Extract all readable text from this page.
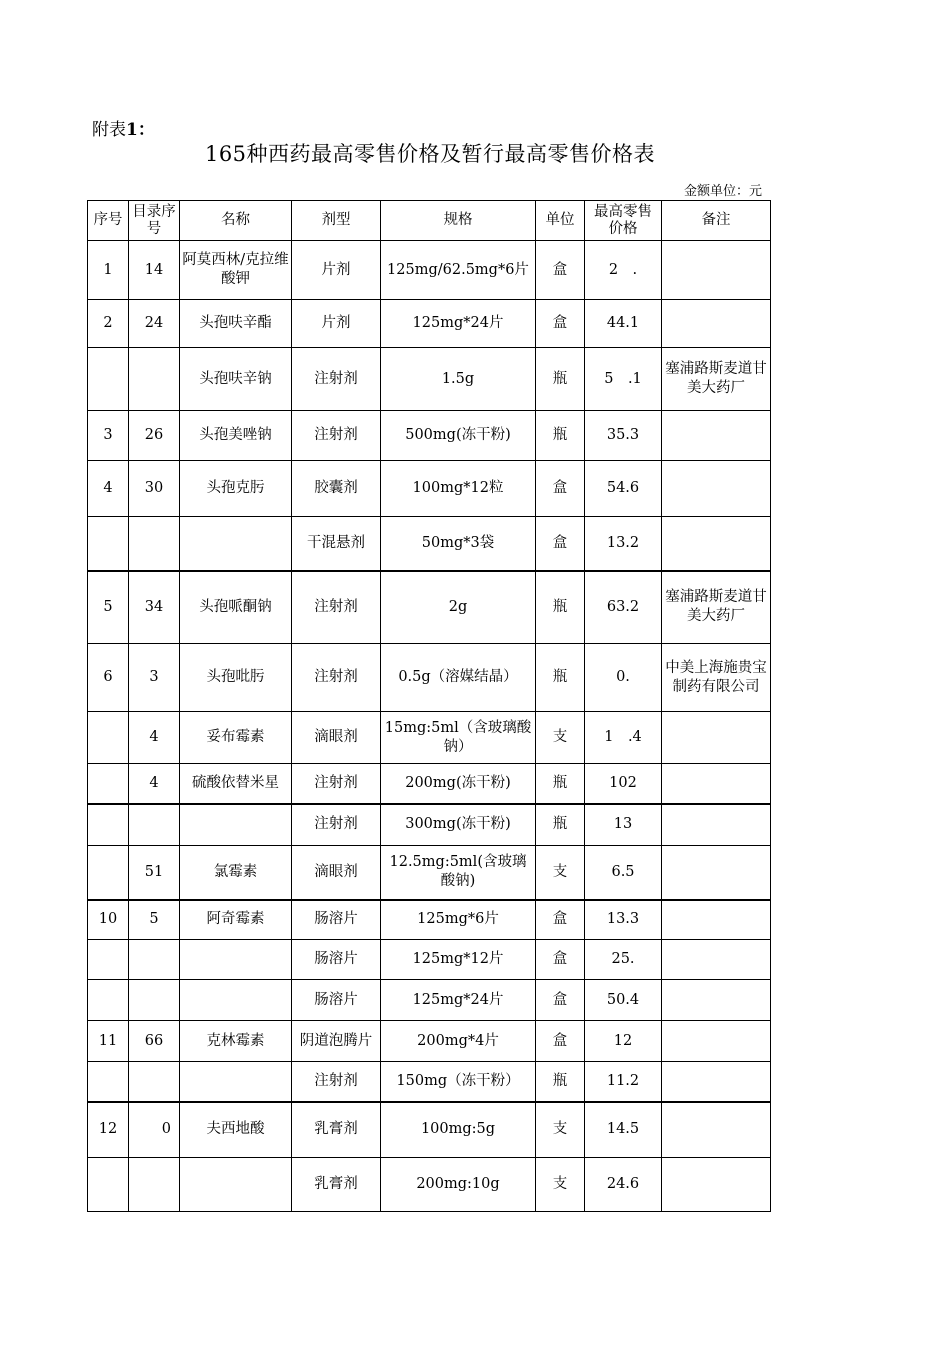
附表1：
165种西药最高零售价格及暂行最高零售价格表
金额单位：元
序号	目录序号	名称	剂型	规格	单位	最高零售价格	备注
1	14	阿莫西林/克拉维酸钾	片剂	125mg/62.5mg*6片	盒	2　.	
2	24	头孢呋辛酯	片剂	125mg*24片	盒	44.1	
		头孢呋辛钠	注射剂	1.5g	瓶	5　.1	塞浦路斯麦道甘美大药厂
3	26	头孢美唑钠	注射剂	500mg(冻干粉)	瓶	35.3	
4	30	头孢克肟	胶囊剂	100mg*12粒	盒	54.6	
			干混悬剂	50mg*3袋	盒	13.2	
5	34	头孢哌酮钠	注射剂	2g	瓶	63.2	塞浦路斯麦道甘美大药厂
6	3	头孢吡肟	注射剂	0.5g（溶媒结晶）	瓶	0.	中美上海施贵宝制药有限公司
	4	妥布霉素	滴眼剂	15mg:5ml（含玻璃酸钠）	支	1　.4	
	4	硫酸依替米星	注射剂	200mg(冻干粉)	瓶	102	
			注射剂	300mg(冻干粉)	瓶	13	
	51	氯霉素	滴眼剂	12.5mg:5ml(含玻璃酸钠)	支	6.5	
10	5	阿奇霉素	肠溶片	125mg*6片	盒	13.3	
			肠溶片	125mg*12片	盒	25.	
			肠溶片	125mg*24片	盒	50.4	
11	66	克林霉素	阴道泡腾片	200mg*4片	盒	12	
			注射剂	150mg（冻干粉）	瓶	11.2	
12	0	夫西地酸	乳膏剂	100mg:5g	支	14.5	
			乳膏剂	200mg:10g	支	24.6	
